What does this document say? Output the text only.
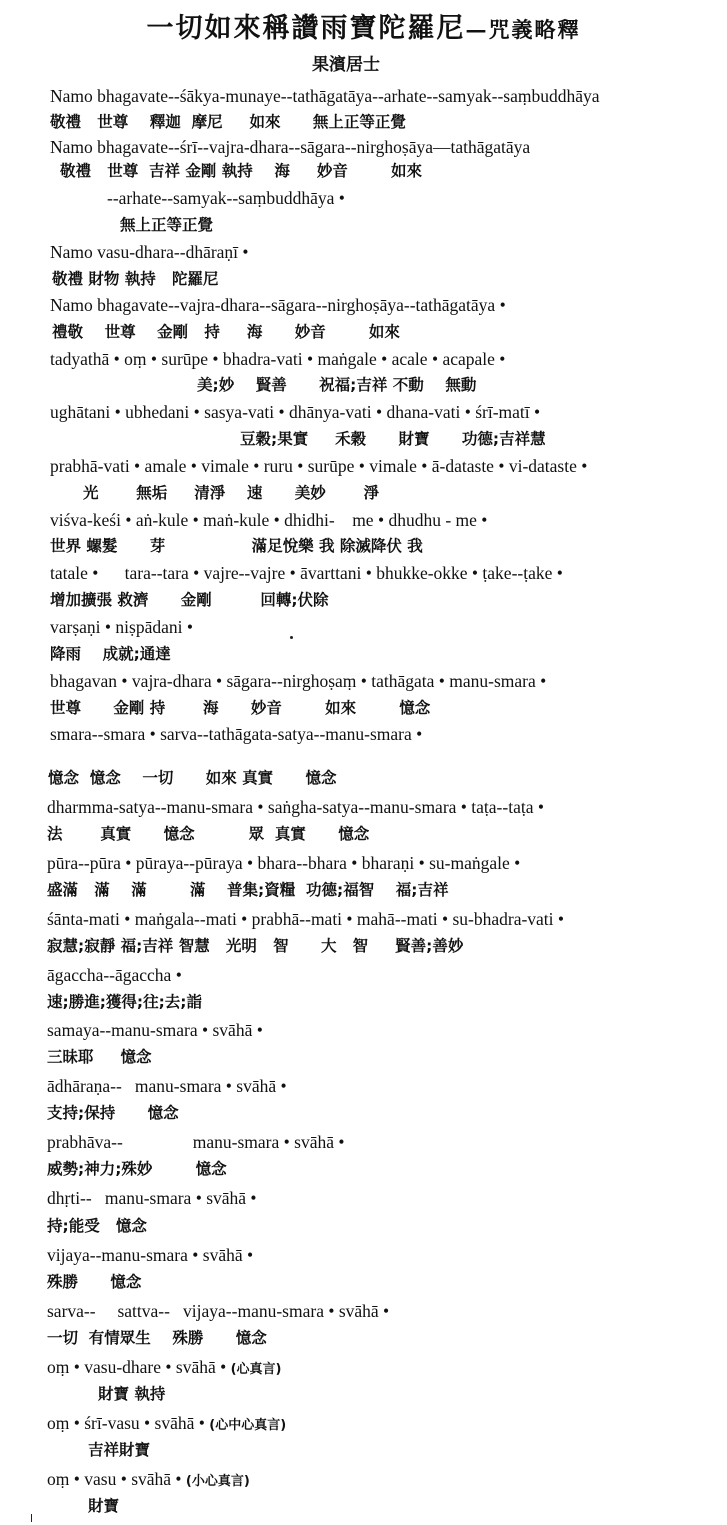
一切如來稱讚雨寶陀羅尼—咒義略釋
果濱居士
Namo bhagavate--śākya-munaye--tathāgatāya--arhate--samyak--saṃbuddhāya
敬禮   世尊    釋迦  摩尼     如來      無上正等正覺
Namo bhagavate--śrī--vajra-dhara--sāgara--nirghoṣāya—tathāgatāya
敬禮   世尊  吉祥 金剛 執持    海     妙音        如來
--arhate--samyak--saṃbuddhāya •
無上正等正覺
Namo vasu-dhara--dhāraṇī •
敬禮 財物 執持   陀羅尼
Namo bhagavate--vajra-dhara--sāgara--nirghoṣāya--tathāgatāya •
禮敬    世尊    金剛   持     海      妙音        如來
tadyathā • oṃ • surūpe • bhadra-vati • maṅgale • acale • acapale •
美;妙    賢善      祝福;吉祥 不動    無動
ughātani • ubhedani • sasya-vati • dhānya-vati • dhana-vati • śrī-matī •
豆穀;果實     禾穀      財寶      功德;吉祥慧
prabhā-vati • amale • vimale • ruru • surūpe • vimale • ā-dataste • vi-dataste •
光       無垢     清淨    速      美妙       淨
viśva-keśi • aṅ-kule • maṅ-kule • dhidhi-    me • dhudhu - me •
世界 螺髮      芽                滿足悅樂 我 除滅降伏 我
tatale •      tara--tara • vajre--vajre • āvarttani • bhukke-okke • ṭake--ṭake •
增加擴張 救濟      金剛         回轉;伏除
varṣaṇi • niṣpādani •
降雨    成就;通達
bhagavan • vajra-dhara • sāgara--nirghoṣaṃ • tathāgata • manu-smara •
世尊      金剛 持       海      妙音        如來        憶念
smara--smara • sarva--tathāgata-satya--manu-smara •
憶念  憶念    一切      如來 真實      憶念
dharmma-satya--manu-smara • saṅgha-satya--manu-smara • taṭa--taṭa •
法       真實      憶念          眾  真實      憶念
pūra--pūra • pūraya--pūraya • bhara--bhara • bharaṇi • su-maṅgale •
盛滿   滿    滿        滿    普集;資糧  功德;福智    福;吉祥
śānta-mati • maṅgala--mati • prabhā--mati • mahā--mati • su-bhadra-vati •
寂慧;寂靜 福;吉祥 智慧   光明   智      大   智     賢善;善妙
āgaccha--āgaccha •
速;勝進;獲得;往;去;詣
samaya--manu-smara • svāhā •
三昧耶     憶念
ādhāraṇa--   manu-smara • svāhā •
支持;保持      憶念
prabhāva--                manu-smara • svāhā •
威勢;神力;殊妙        憶念
dhṛti--   manu-smara • svāhā •
持;能受   憶念
vijaya--manu-smara • svāhā •
殊勝      憶念
sarva--     sattva--   vijaya--manu-smara • svāhā •
一切  有情眾生    殊勝      憶念
oṃ • vasu-dhare • svāhā • (心真言)
財寶 執持
oṃ • śrī-vasu • svāhā • (心中心真言)
吉祥財寶
oṃ • vasu • svāhā • (小心真言)
財寶
